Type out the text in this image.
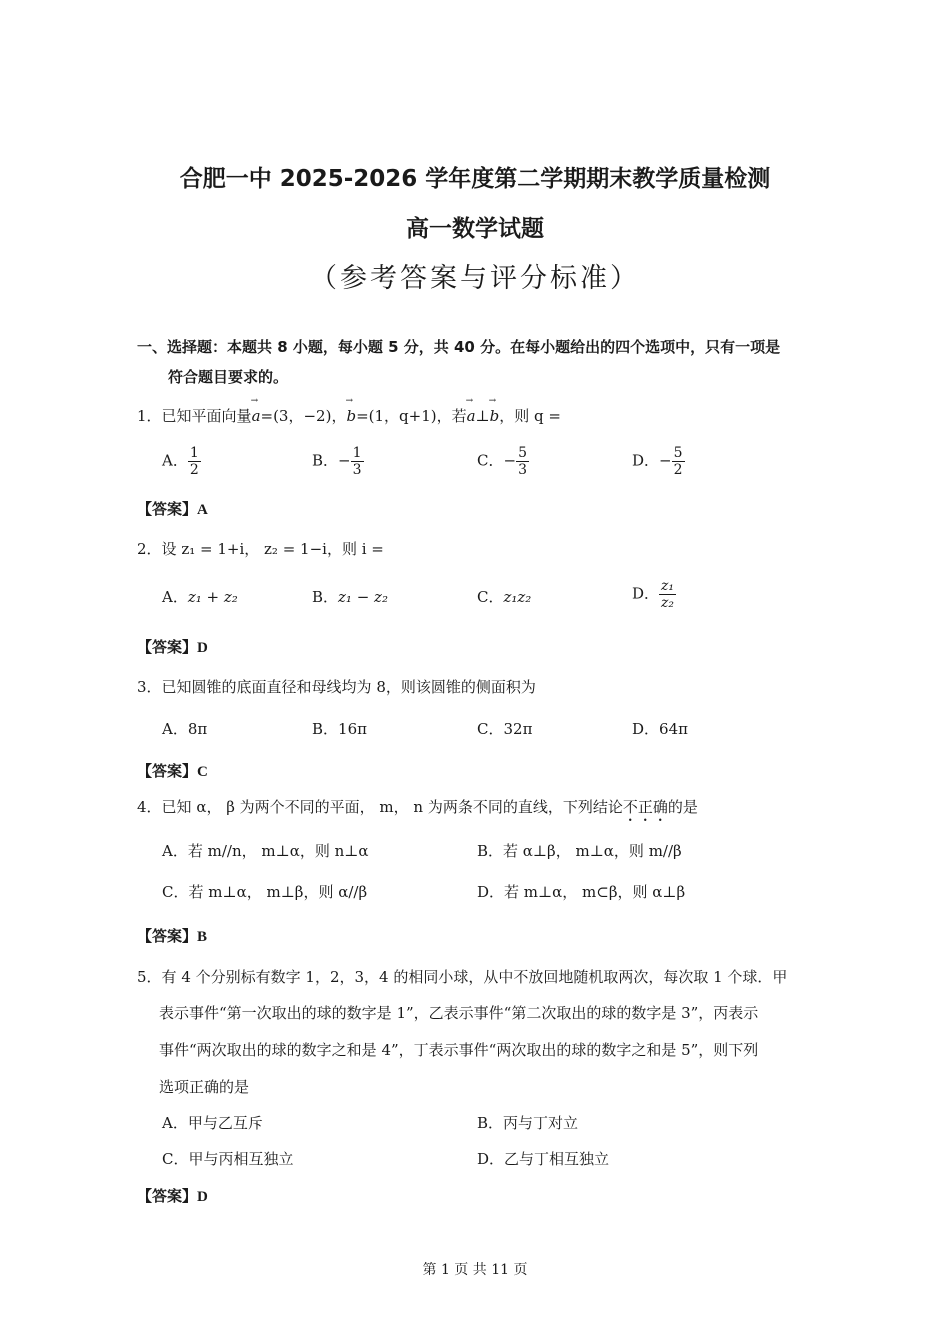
合肥一中 2025-2026 学年度第二学期期末教学质量检测
高一数学试题
（参考答案与评分标准）
一、选择题：本题共 8 小题，每小题 5 分，共 40 分。在每小题给出的四个选项中，只有一项是
符合题目要求的。
1．已知平面向量→ a=(3，−2)，→ b=(1，q+1)，若→ a⊥→ b，则 q =
A． $\frac{1}{2}$	B．− $\frac{1}{3}$	C．− $\frac{5}{3}$	D．− $\frac{5}{2}$
【答案】A
2．设 z₁ = 1+i， z₂ = 1−i，则 i =
A．z₁ + z₂	B．z₁ − z₂	C．z₁z₂	D． $\frac{\text{z₁}}{\text{z₂}}$
【答案】D
3．已知圆锥的底面直径和母线均为 8，则该圆锥的侧面积为
A．8π	B．16π	C．32π	D．64π
【答案】C
4．已知 α， β 为两个不同的平面， m， n 为两条不同的直线，下列结论不正确的是
A．若 m//n， m⊥α，则 n⊥α	B．若 α⊥β， m⊥α，则 m//β
C．若 m⊥α， m⊥β，则 α//β	D．若 m⊥α， m⊂β，则 α⊥β
【答案】B
5．有 4 个分别标有数字 1，2，3，4 的相同小球，从中不放回地随机取两次，每次取 1 个球．甲
表示事件“第一次取出的球的数字是 1”，乙表示事件“第二次取出的球的数字是 3”，丙表示
事件“两次取出的球的数字之和是 4”，丁表示事件“两次取出的球的数字之和是 5”，则下列
选项正确的是
A．甲与乙互斥	B．丙与丁对立
C．甲与丙相互独立	D．乙与丁相互独立
【答案】D
第 1 页 共 11 页
